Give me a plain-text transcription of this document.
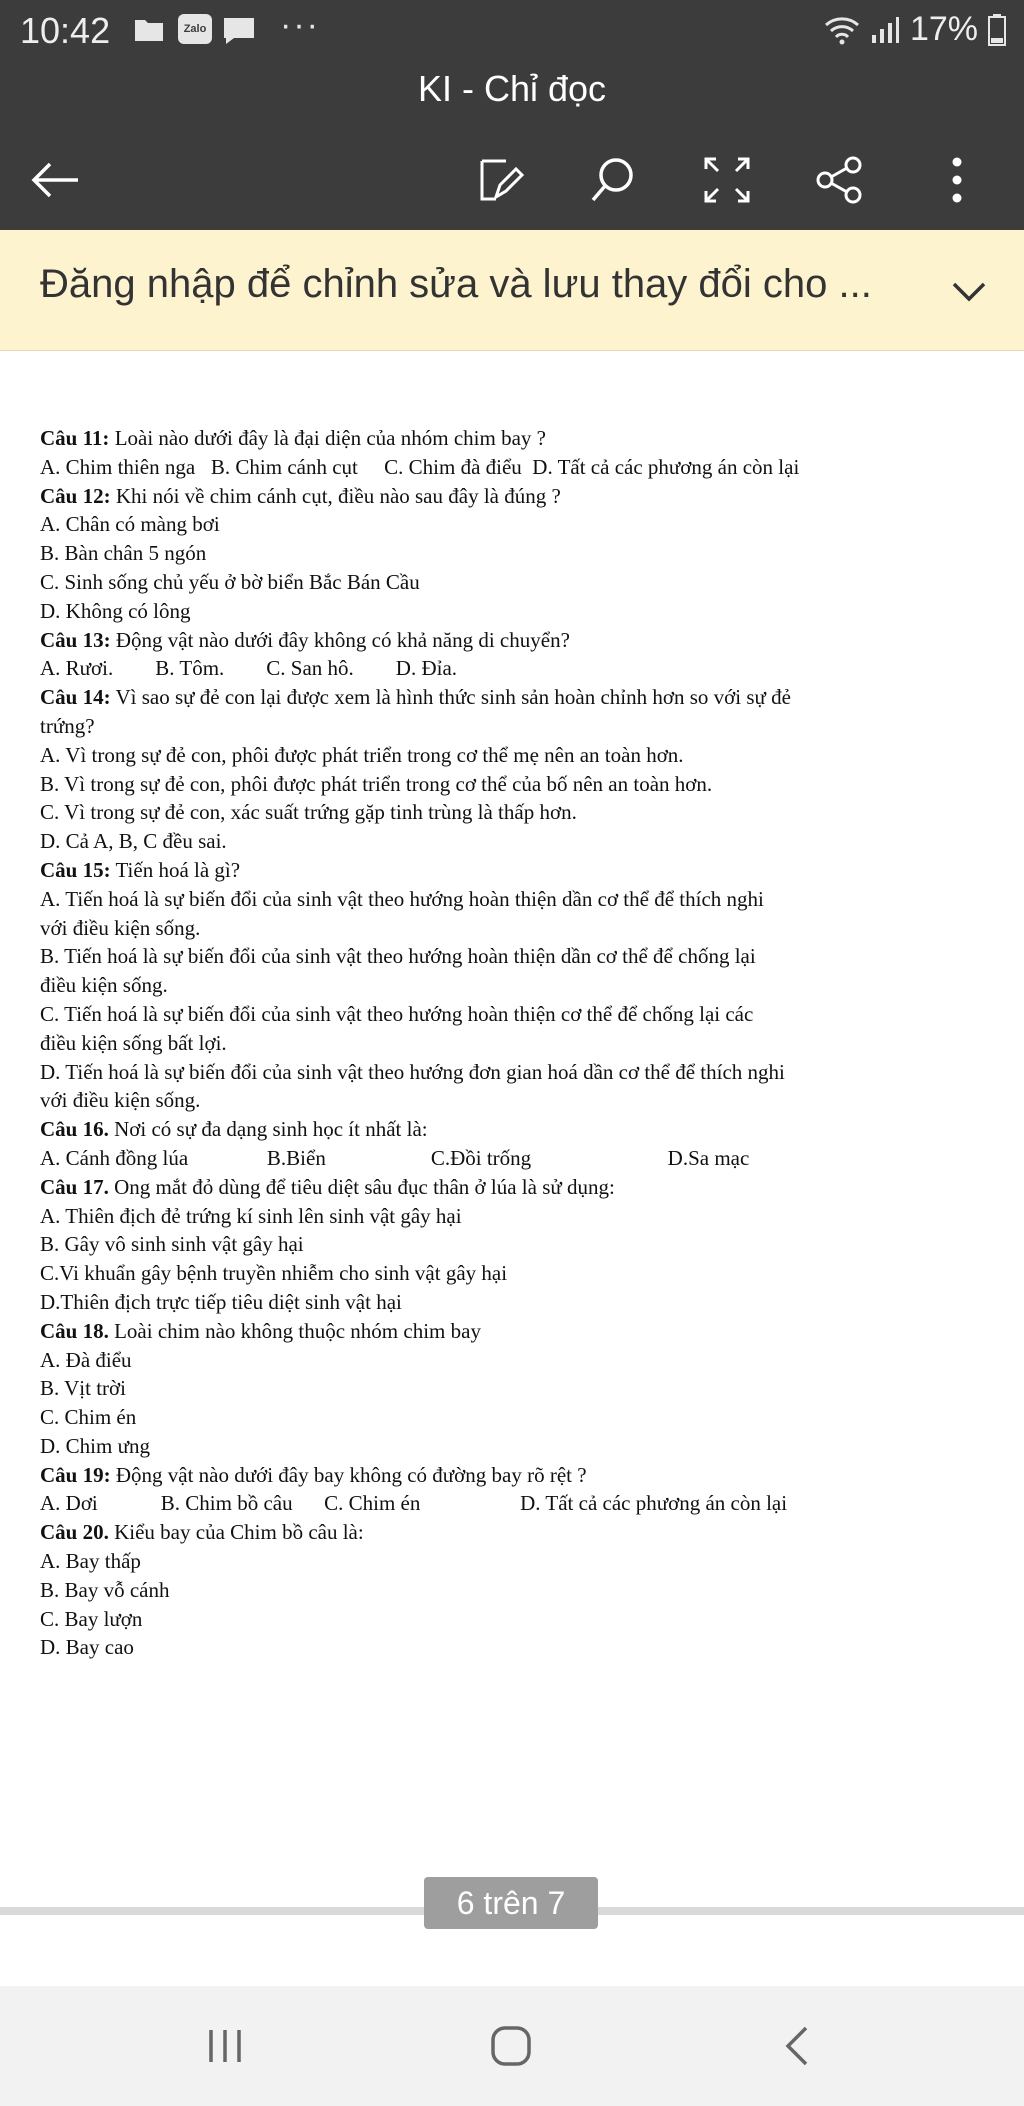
10:42	Zalo ···	17%
KI - Chỉ đọc
Đăng nhập để chỉnh sửa và lưu thay đổi cho ...
Câu 11: Loài nào dưới đây là đại diện của nhóm chim bay ?
A. Chim thiên nga   B. Chim cánh cụt     C. Chim đà điểu  D. Tất cả các phương án còn lại
Câu 12: Khi nói về chim cánh cụt, điều nào sau đây là đúng ?
A. Chân có màng bơi
B. Bàn chân 5 ngón
C. Sinh sống chủ yếu ở bờ biển Bắc Bán Cầu
D. Không có lông
Câu 13: Động vật nào dưới đây không có khả năng di chuyển?
A. Rươi.        B. Tôm.        C. San hô.        D. Đỉa.
Câu 14: Vì sao sự đẻ con lại được xem là hình thức sinh sản hoàn chỉnh hơn so với sự đẻ
trứng?
A. Vì trong sự đẻ con, phôi được phát triển trong cơ thể mẹ nên an toàn hơn.
B. Vì trong sự đẻ con, phôi được phát triển trong cơ thể của bố nên an toàn hơn.
C. Vì trong sự đẻ con, xác suất trứng gặp tinh trùng là thấp hơn.
D. Cả A, B, C đều sai.
Câu 15: Tiến hoá là gì?
A. Tiến hoá là sự biến đổi của sinh vật theo hướng hoàn thiện dần cơ thể để thích nghi
với điều kiện sống.
B. Tiến hoá là sự biến đổi của sinh vật theo hướng hoàn thiện dần cơ thể để chống lại
điều kiện sống.
C. Tiến hoá là sự biến đổi của sinh vật theo hướng hoàn thiện cơ thể để chống lại các
điều kiện sống bất lợi.
D. Tiến hoá là sự biến đổi của sinh vật theo hướng đơn gian hoá dần cơ thể để thích nghi
với điều kiện sống.
Câu 16. Nơi có sự đa dạng sinh học ít nhất là:
A. Cánh đồng lúa               B.Biển                    C.Đồi trống                          D.Sa mạc
Câu 17. Ong mắt đỏ dùng để tiêu diệt sâu đục thân ở lúa là sử dụng:
A. Thiên địch đẻ trứng kí sinh lên sinh vật gây hại
B. Gây vô sinh sinh vật gây hại
C.Vi khuẩn gây bệnh truyền nhiễm cho sinh vật gây hại
D.Thiên địch trực tiếp tiêu diệt sinh vật hại
Câu 18. Loài chim nào không thuộc nhóm chim bay
A. Đà điểu
B. Vịt trời
C. Chim én
D. Chim ưng
Câu 19: Động vật nào dưới đây bay không có đường bay rõ rệt ?
A. Dơi            B. Chim bồ câu      C. Chim én                   D. Tất cả các phương án còn lại
Câu 20. Kiểu bay của Chim bồ câu là:
A. Bay thấp
B. Bay vỗ cánh
C. Bay lượn
D. Bay cao
6 trên 7
